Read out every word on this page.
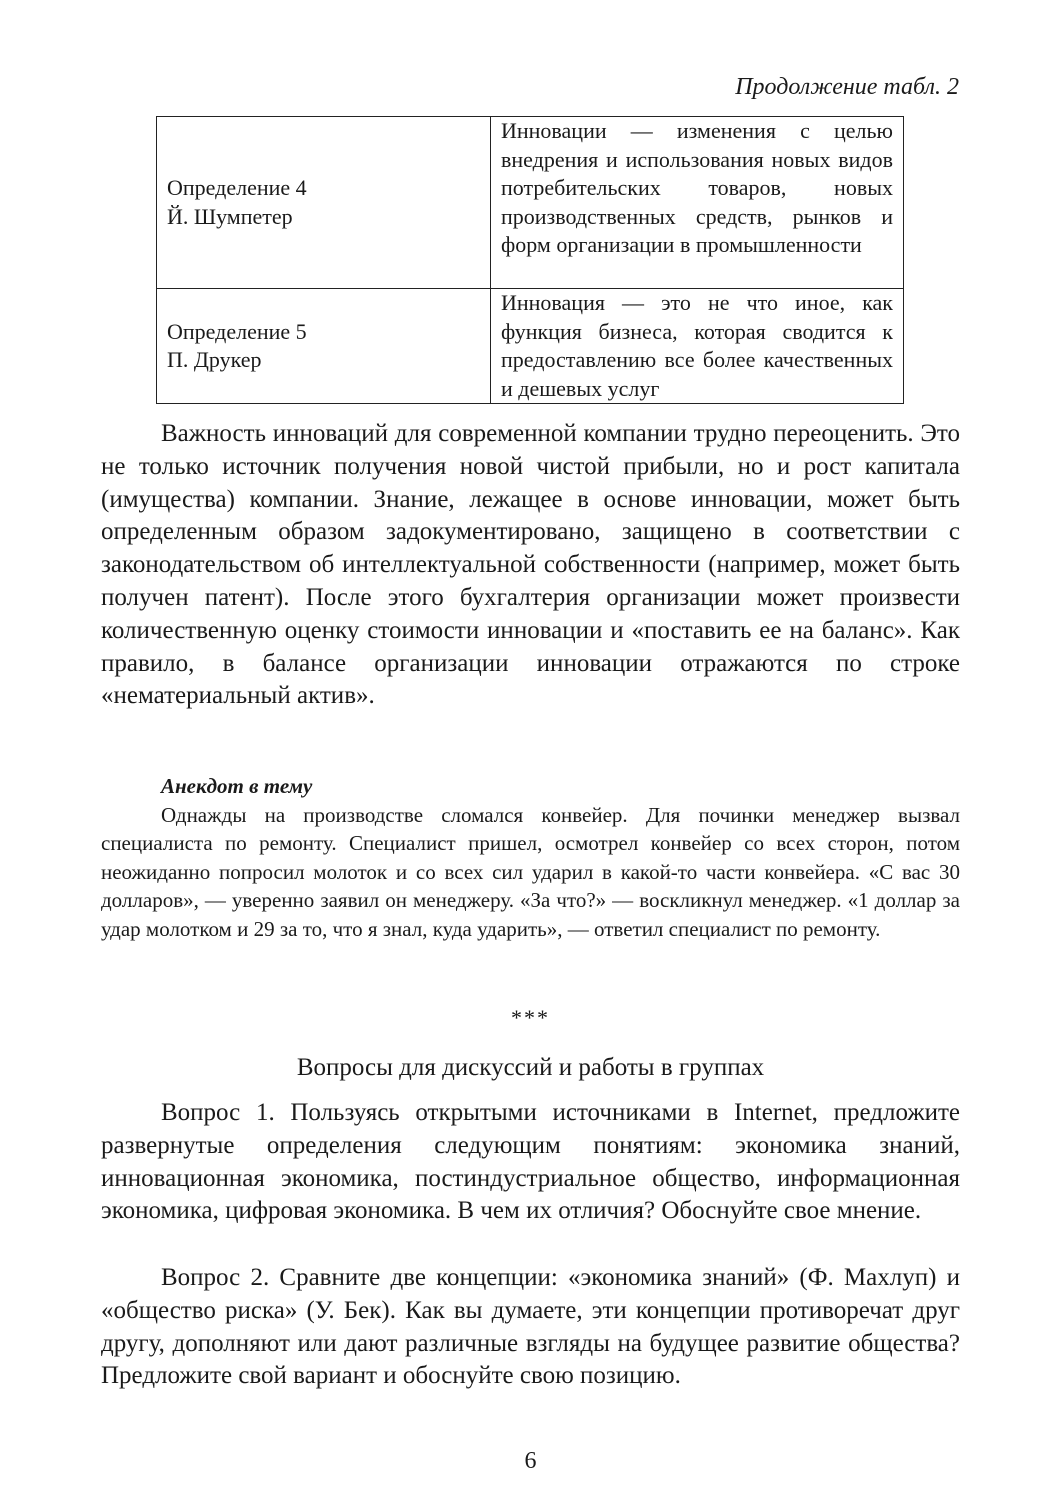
Продолжение табл. 2
Определение 4
Й. Шумпетер	Инновации — изменения с целью внедрения и использования новых видов потребительских товаров, новых производственных средств, рынков и форм организации в промышленности

Определение 5
П. Друкер	Инновация — это не что иное, как функция бизнеса, которая сводится к предоставлению все более качественных и дешевых услуг

Важность инноваций для современной компании трудно переоценить. Это не только источник получения новой чистой прибыли, но и рост капитала (имущества) компании. Знание, лежащее в основе инновации, может быть определенным образом задокументировано, защищено в соответствии с законодательством об интеллектуальной собственности (например, может быть получен патент). После этого бухгалтерия организации может произвести количественную оценку стоимости инновации и «поставить ее на баланс». Как правило, в балансе организации инновации отражаются по строке «нематериальный актив».

Анекдот в тему

Однажды на производстве сломался конвейер. Для починки менеджер вызвал специалиста по ремонту. Специалист пришел, осмотрел конвейер со всех сторон, потом неожиданно попросил молоток и со всех сил ударил в какой-то части конвейера. «С вас 30 долларов», — уверенно заявил он менеджеру. «За что?» — воскликнул менеджер. «1 доллар за удар молотком и 29 за то, что я знал, куда ударить», — ответил специалист по ремонту.

***
Вопросы для дискуссий и работы в группах

Вопрос 1. Пользуясь открытыми источниками в Internet, предложите развернутые определения следующим понятиям: экономика знаний, инновационная экономика, постиндустриальное общество, информационная экономика, цифровая экономика. В чем их отличия? Обоснуйте свое мнение.

Вопрос 2. Сравните две концепции: «экономика знаний» (Ф. Махлуп) и «общество риска» (У. Бек). Как вы думаете, эти концепции противоречат друг другу, дополняют или дают различные взгляды на будущее развитие общества? Предложите свой вариант и обоснуйте свою позицию.

6
